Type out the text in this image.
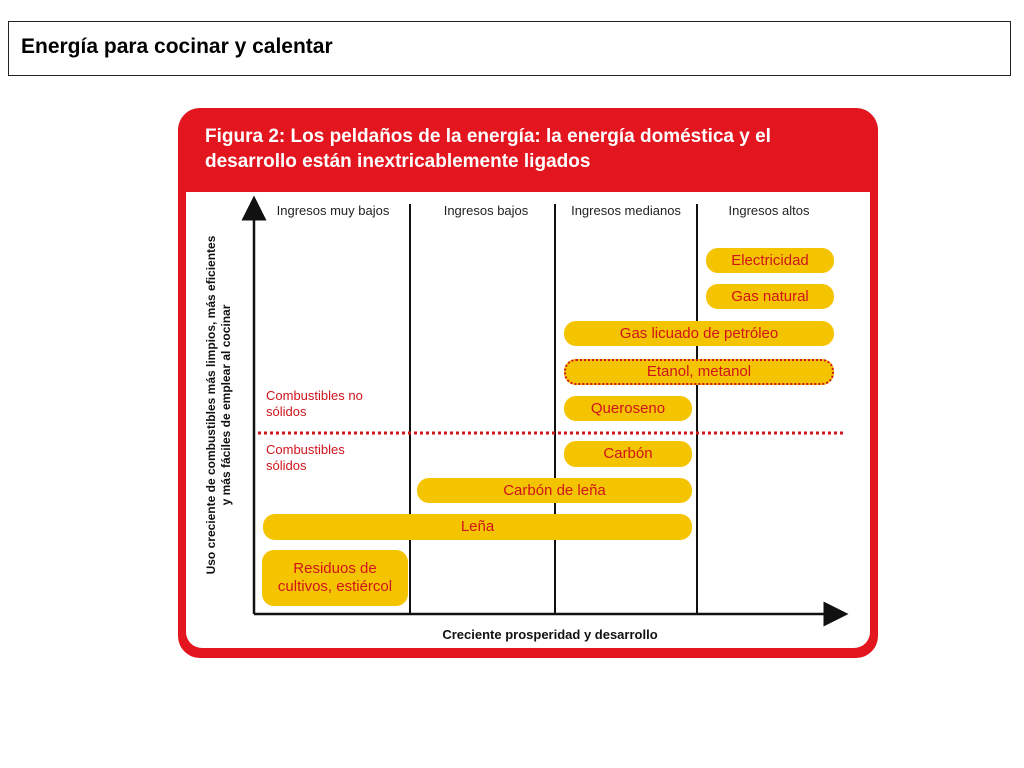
Energía para cocinar y calentar
Figura 2: Los peldaños de la energía: la energía doméstica y el desarrollo están inextricablemente ligados
Ingresos muy bajos	Ingresos bajos	Ingresos medianos	Ingresos altos
Combustibles no sólidos
Combustibles sólidos
Electricidad
Gas natural
Gas licuado de petróleo
Etanol, metanol
Queroseno
Carbón
Carbón de leña
Leña
Residuos de cultivos, estiércol
Uso creciente de combustibles más limpios, más eficientes y más fáciles de emplear al cocinar
Creciente prosperidad y desarrollo
